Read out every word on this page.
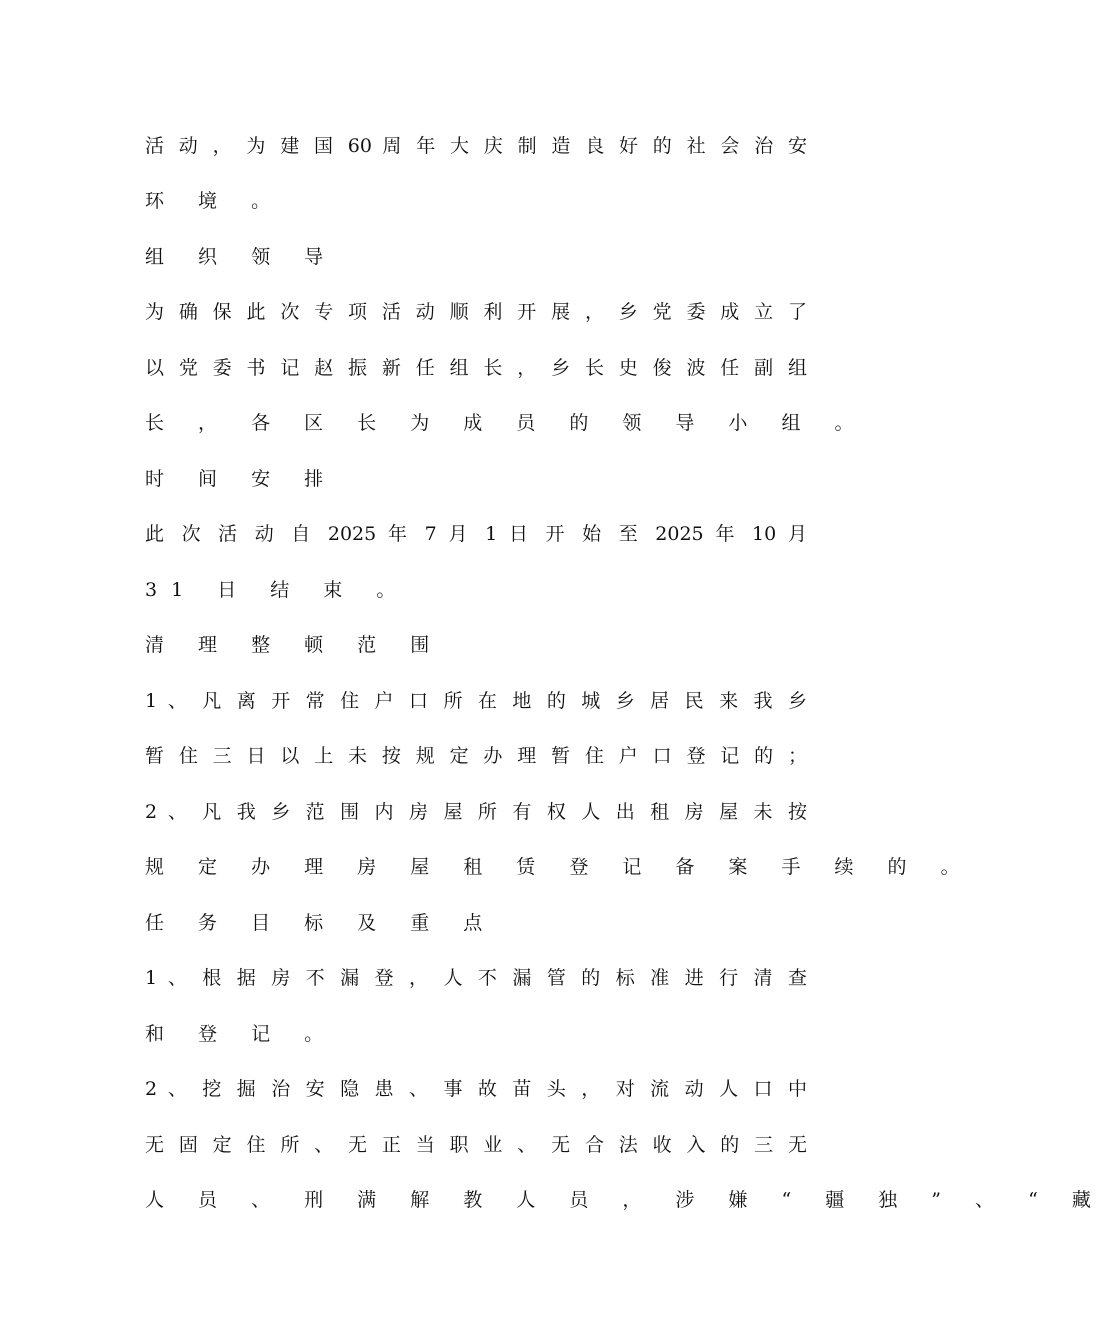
活 动 ， 为 建 国 60 周 年 大 庆 制 造 良 好 的 社 会 治 安
环 境 。
组 织 领 导
为 确 保 此 次 专 项 活 动 顺 利 开 展 ， 乡 党 委 成 立 了
以 党 委 书 记 赵 振 新 任 组 长 ， 乡 长 史 俊 波 任 副 组
长 ， 各 区 长 为 成 员 的 领 导 小 组 。
时 间 安 排
此 次 活 动 自 2025 年 7 月 1 日 开 始 至 2025 年 10 月
31 日 结 束 。
清 理 整 顿 范 围
1 、 凡 离 开 常 住 户 口 所 在 地 的 城 乡 居 民 来 我 乡
暂 住 三 日 以 上 未 按 规 定 办 理 暂 住 户 口 登 记 的 ；
2 、 凡 我 乡 范 围 内 房 屋 所 有 权 人 出 租 房 屋 未 按
规 定 办 理 房 屋 租 赁 登 记 备 案 手 续 的 。
任 务 目 标 及 重 点
1 、 根 据 房 不 漏 登 ， 人 不 漏 管 的 标 准 进 行 清 查
和 登 记 。
2 、 挖 掘 治 安 隐 患 、 事 故 苗 头 ， 对 流 动 人 口 中
无 固 定 住 所 、 无 正 当 职 业 、 无 合 法 收 入 的 三 无
人 员 、 刑 满 解 教 人 员 ， 涉 嫌 “ 疆 独 ” 、 “ 藏
